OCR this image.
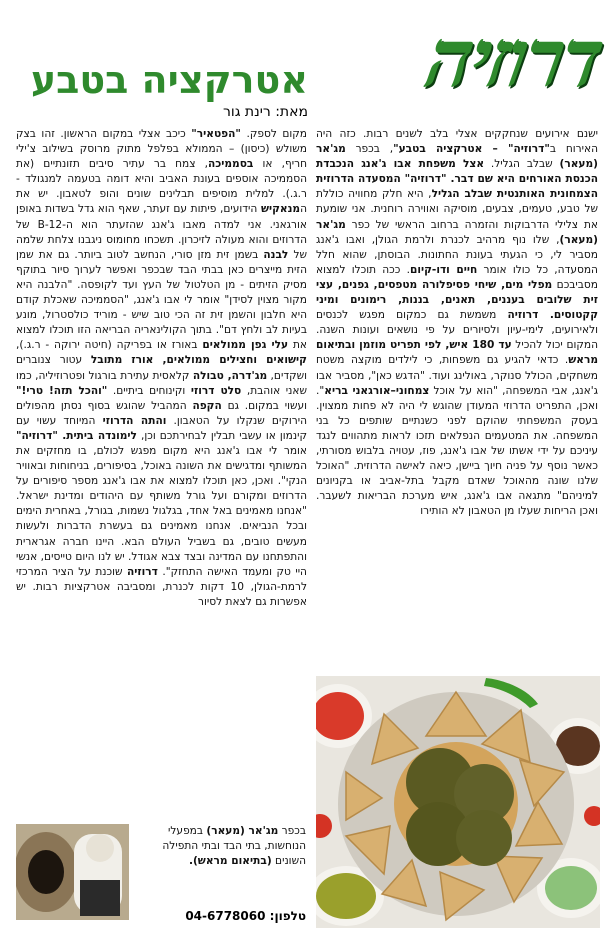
דרוזיה
אטרקציה בטבע
מאת: רינת גור

ישנם אירועים שנחקקים אצלי בלב לשנים רבות. כזה היה האירוח ב"דרוזיה" – אטרקציה בטבע", בכפר מג'אר (מעאר) שבלב הגליל. אצל משפחת אבו ג'אנג הנכבדת הכנסת האורחים היא שם דבר. "דרוזיה" המסעדה הדרוזית הצמחונית האותנטית שבלב הגליל, היא חלק מחוויה כוללת של טבע, טעמים, צבעים, מוסיקה ואווירה רוחנית. אני שומעת את צלילי הדרבוקות והזמרה ברחוב הראשי של כפר מג'אר (מעאר), שלו נוף מרהיב לכנרת ולרמת הגולן, ואבו ג'אנג מסביר לי, כי הגעתי בעונת החתונות. הבוסתן, שהוא חלל המסעדה, כל כולו אומר חיים ודו-קיום. ככה תוכלו למצוא מסביבכם מפלי מים, שיחי פסיפלורה מטפסים, גפנים, עצי זית שלובים בעננים, תאנים, בננות, רימונים ומיני קקטוסים. דרוזיה משמשת גם כמקום מפגש לכנסים ולאירועים, לימי-עיון ולסיורים על פי נושאים ועונות השנה. המקום יכול להכיל עד 180 איש, לפי תפריט מוזמן ובתיאום מראש. כדאי להגיע גם משפחות, כי לילדים מוקצה משטח משחקים, הכולל סנוקר, באולינג ועוד. "הדגש כאן", מסביר אבו ג'אנג, אבי המשפחה, "הוא על אוכל צמחוני–אורגאני בריא". ואכן, התפריט הדרוזי המעודן שהוגש לי היה לא פחות ממצוין. בעסק המשפחתי שהוקם לפני כשנתיים שותפים כל בני המשפחה. את המטעמים הנפלאים תזכו לראות מתהווים לנגד עיניכם על ידי אשתו של אבו ג'אנג, פוז, עטויה בלבוש מסורתי, כאשר נוסף על פניה חיוך ביישן, כיאה לאישה הדרוזית. "האוכל שלנו שונה מהאוכל שאדם מקבל בתל-אביב או בקניונים למיניהם" מתגאה אבו ג'אנג, איש מערכת הבריאות לשעבר. ואכן הריחות שעלו מן הטאבון לא הותירו

מקום לספק. "הפטאיר" כיכב אצלי במקום הראשון. זהו בצק משולש (כיסון) – הממולא בפלפל מתוק מרוסק בשילוב צ'ילי חריף, או בסממיכה, צמח בר עתיר סיבים תזונתיים (את הסממיכה אוספים בעונת האביב והיא דומה בטעמה למנגולד - ר.ג.). למלית מוסיפים תבלינים שונים והופ לטאבון. יש את המנאקיש הידועים, פיתות עם זעתר, שאף הוא גדל בשדות באופן אורגאני. אני למדה מאבו ג'אנג שהזעתר הוא ה-B-12 של הדרוזים והוא מעולה לזיכרון. תשכחו מחומוס ניגבנו צלחת שלמה של לבנה בשמן זית מזן סורי, הנחשב לטוב ביותר. גם את שמן הזית מייצרים כאן בבתי הבד שבכפר ואפשר לערוך סיור בתוקף מסיק הזיתים - מן הטלטול של העץ ועד לקופסה. "הלבנה היא מקור מצוין לסידן" אומר לי אבו ג'אנג, "הסממיכה שאכלת קודם היא חלבון והשמן זית זה הכי טוב שיש - מוריד כולסטרול, מונע בעיות לב ולחץ דם". בתוך הקולינאריה הבריאה הזו תוכלו למצוא את עלי גפן ממולאים באורז או בפריקה (חיטה ירוקה - ר.ג.), קישואים וחצילים ממולאים, אורז מתובל עטור צנוברים ושקדים, מג'דרה, טבולה קלאסית עתירת בורגול ופטרוזיליה, כמו שאני אוהבת, סלט דרוזי וקינוחים ביתיים. "והכל תזה! טרי!" ועשוי במקום. גם הקפה המהביל שהוגש בסוף נסתן מהפולים הירוקים שנקלו על הטאבון. והתה הדרוזי המיוחד עשוי עם קינמון או עשבי תבלין לבחירתכם וכן, לימונדה ביתית. "דרוזיה" אומר לי אבו ג'אנג היא מקום מפגש לכולם, בו מחזקים את המשותף ומדגישים את השונה באוכל, בסיפורים, בניחוחות ובאוויר הנקי". ואכן, כאן תוכלו למצוא את אבו ג'אנג מספר סיפורים על הדרוזים ומקורם ועל גורל משותף עם היהודים ומדינת ישראל. "אנחנו מאמינים באל אחד, בגלגול נשמות, בגורל, באחרית הימים ובכל הנביאים. אנחנו מאמינים גם בעשרת הדברות ולעשות מעשים טובים, גם בשביל העולם הבא. היינו חברה אגרארית והתפתחנו עם המדינה ובצד צבא אגודל. יש לנו היום טייסים, אנשי היי טק ומעמד האישה התחזק". דרוזיה שוכנת על הציר המרכזי לרמת-הגולן, 10 דקות לכנרת, ומסביבה אטרקציות רבות. יש אפשרות גם לצאת לסיור

בכפר מג'אר (מעאר) במפעלי הנוחשות, בתי הבד ובתי התפילה השונים (בתיאום מראש).
טלפון: 04-6778060
